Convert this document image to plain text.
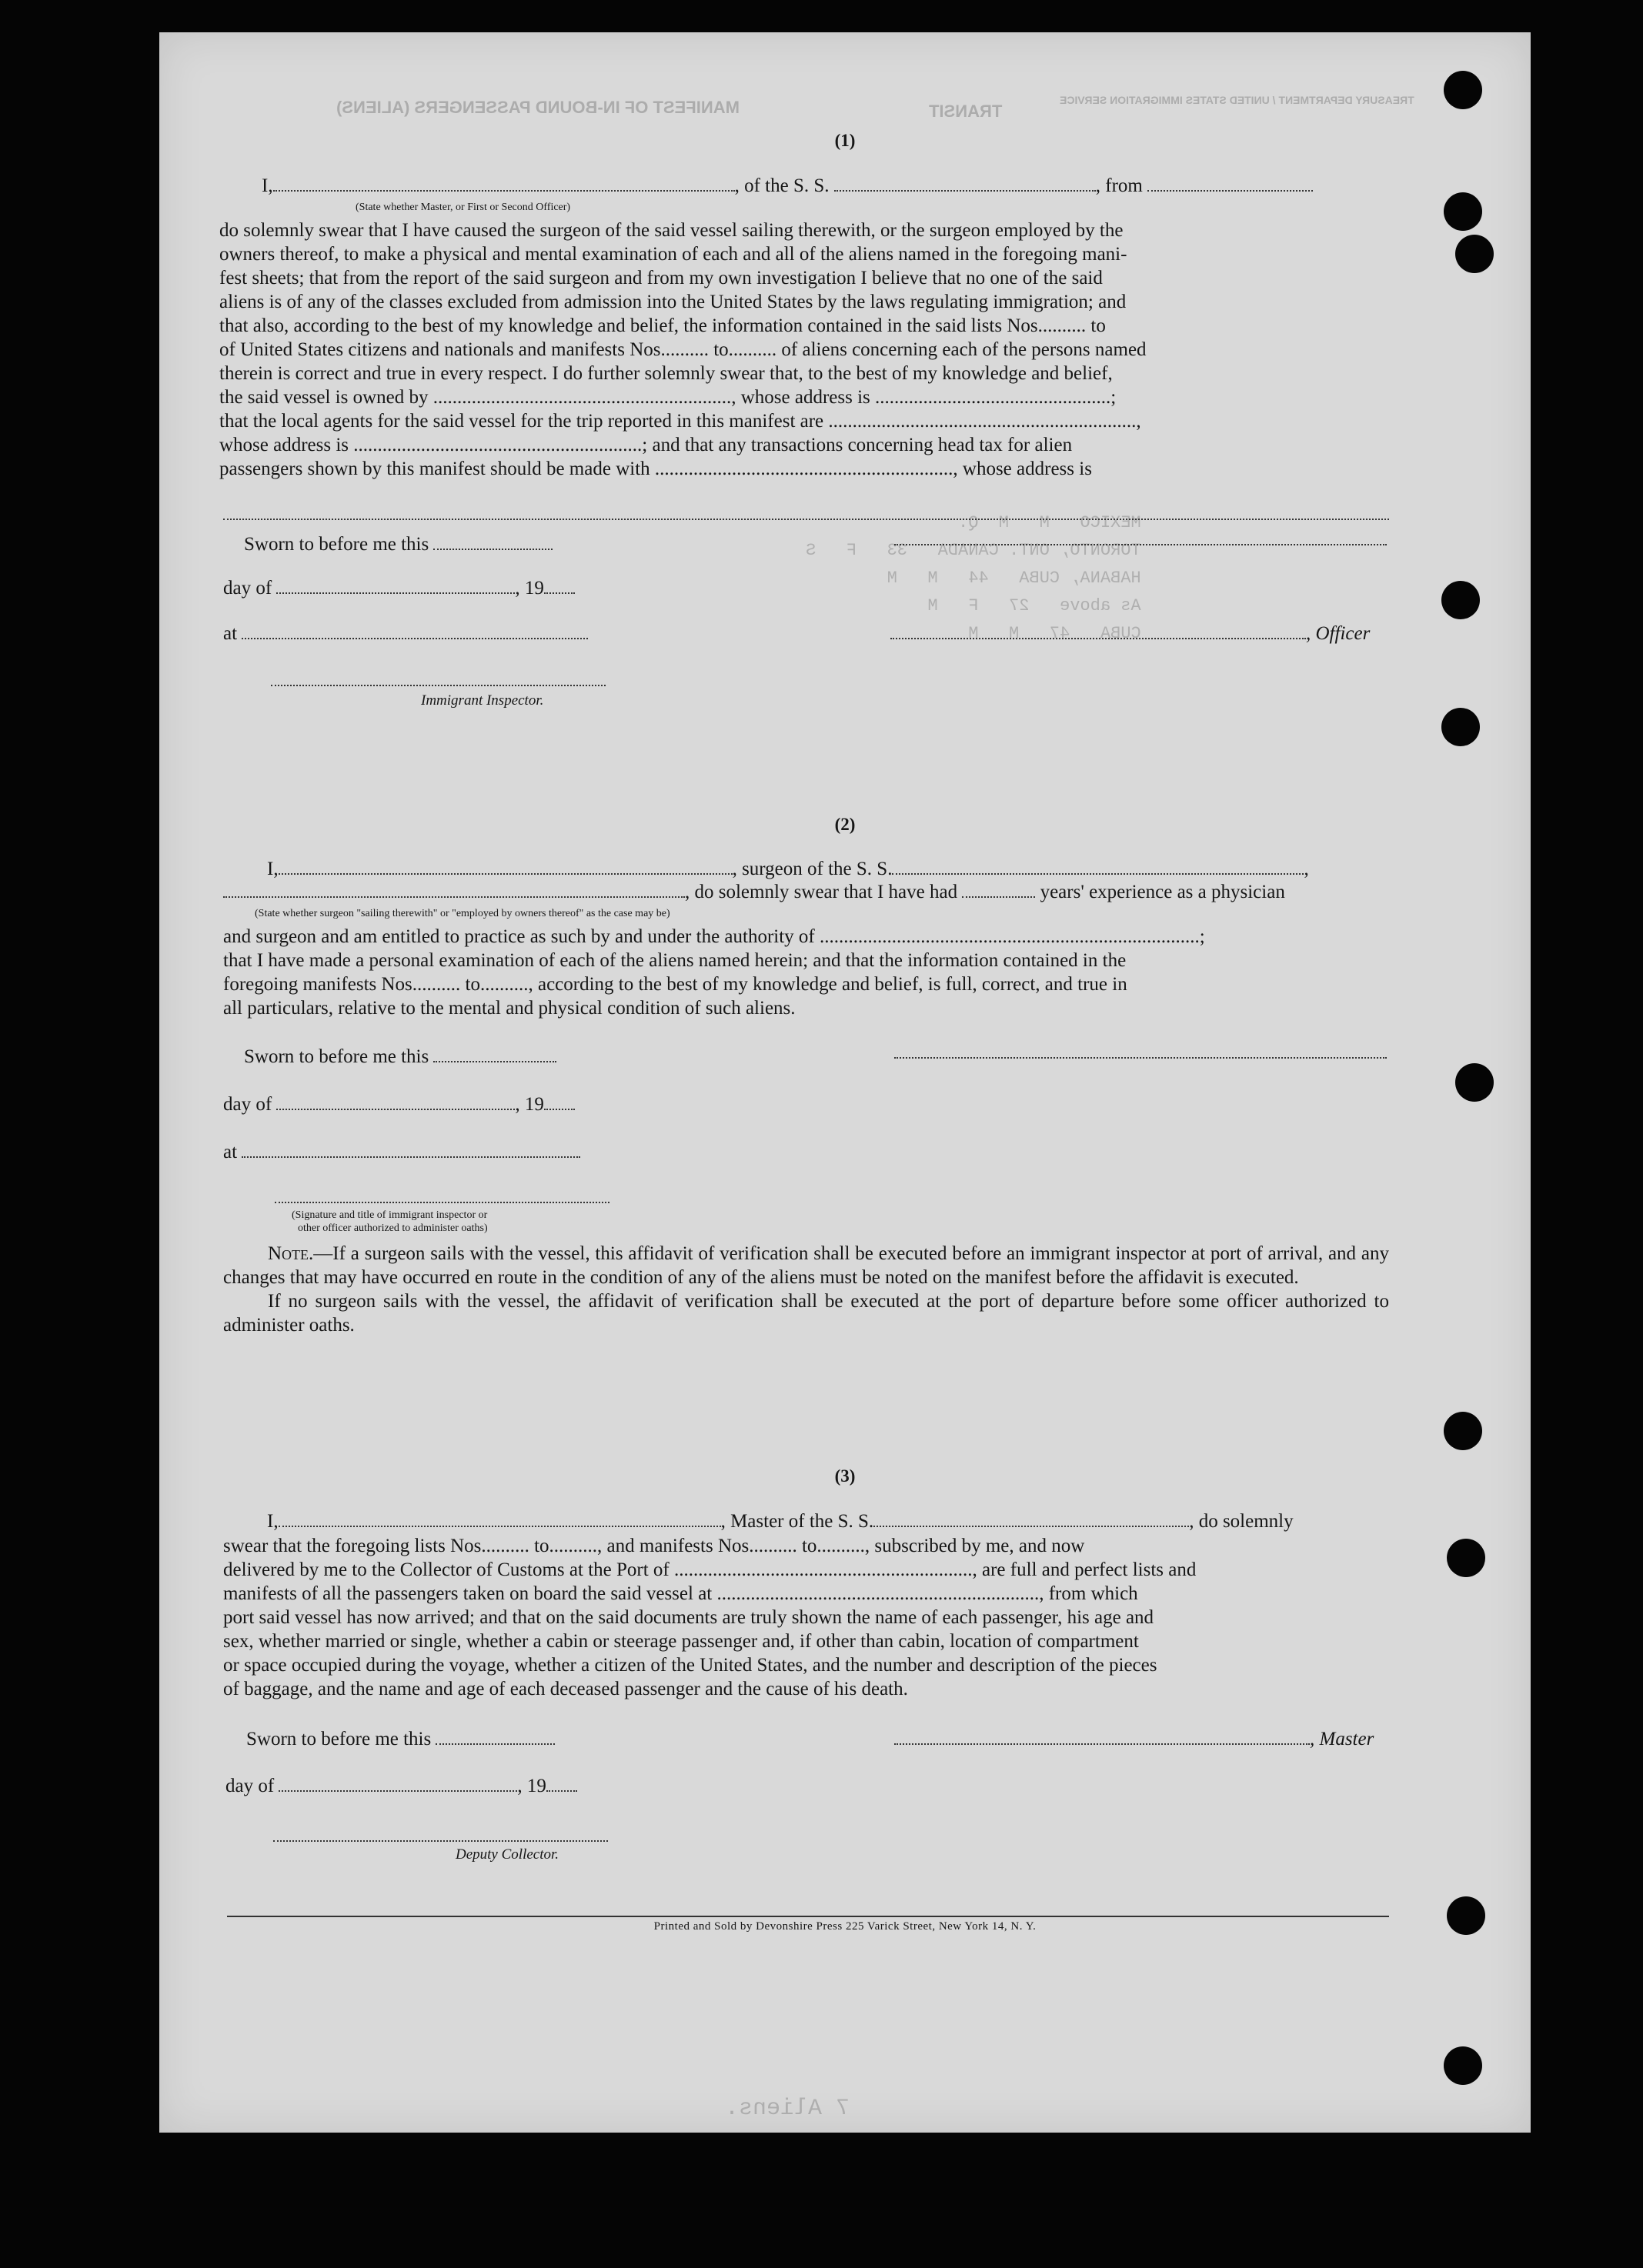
MANIFEST OF IN-BOUND PASSENGERS (ALIENS)	TRANSIT
TREASURY DEPARTMENT / UNITED STATES IMMIGRATION SERVICE
MEXICO   M   M  Q.
TORONTO, ONT. CANADA   33   F   S
HABANA, CUBA   44   M   M
As above   27   F   M
CUBA   47   M   M
(1)
I,	, of the S. S.	, from
(State whether Master, or First or Second Officer)
do solemnly swear that I have caused the surgeon of the said vessel sailing therewith, or the surgeon employed by the
owners thereof, to make a physical and mental examination of each and all of the aliens named in the foregoing mani-
fest sheets; that from the report of the said surgeon and from my own investigation I believe that no one of the said
aliens is of any of the classes excluded from admission into the United States by the laws regulating immigration; and
that also, according to the best of my knowledge and belief, the information contained in the said lists Nos.......... to
of United States citizens and nationals and manifests Nos.......... to.......... of aliens concerning each of the persons named
therein is correct and true in every respect. I do further solemnly swear that, to the best of my knowledge and belief,
the said vessel is owned by .............................................................., whose address is .................................................;
that the local agents for the said vessel for the trip reported in this manifest are ................................................................,
whose address is ............................................................; and that any transactions concerning head tax for alien
passengers shown by this manifest should be made with .............................................................., whose address is
Sworn to before me this
day of	, 19
at	, Officer
Immigrant Inspector.
(2)
I,	, surgeon of the S. S.	,
, do solemnly swear that I have had	years' experience as a physician
(State whether surgeon "sailing therewith" or "employed by owners thereof" as the case may be)
and surgeon and am entitled to practice as such by and under the authority of ...............................................................................;
that I have made a personal examination of each of the aliens named herein; and that the information contained in the
foregoing manifests Nos.......... to.........., according to the best of my knowledge and belief, is full, correct, and true in
all particulars, relative to the mental and physical condition of such aliens.
Sworn to before me this
day of	, 19
at
(Signature and title of immigrant inspector or
other officer authorized to administer oaths)
Note.—If a surgeon sails with the vessel, this affidavit of verification shall be executed before an immigrant inspector at port of arrival, and any changes that may have occurred en route in the condition of any of the aliens must be noted on the manifest before the affidavit is executed.
If no surgeon sails with the vessel, the affidavit of verification shall be executed at the port of departure before some officer authorized to administer oaths.
(3)
I,	, Master of the S. S.	, do solemnly
swear that the foregoing lists Nos.......... to.........., and manifests Nos.......... to.........., subscribed by me, and now
delivered by me to the Collector of Customs at the Port of .............................................................., are full and perfect lists and
manifests of all the passengers taken on board the said vessel at ..................................................................., from which
port said vessel has now arrived; and that on the said documents are truly shown the name of each passenger, his age and
sex, whether married or single, whether a cabin or steerage passenger and, if other than cabin, location of compartment
or space occupied during the voyage, whether a citizen of the United States, and the number and description of the pieces
of baggage, and the name and age of each deceased passenger and the cause of his death.
Sworn to before me this	, Master
day of	, 19
Deputy Collector.
Printed and Sold by Devonshire Press 225 Varick Street, New York 14, N. Y.
7 Aliens.
